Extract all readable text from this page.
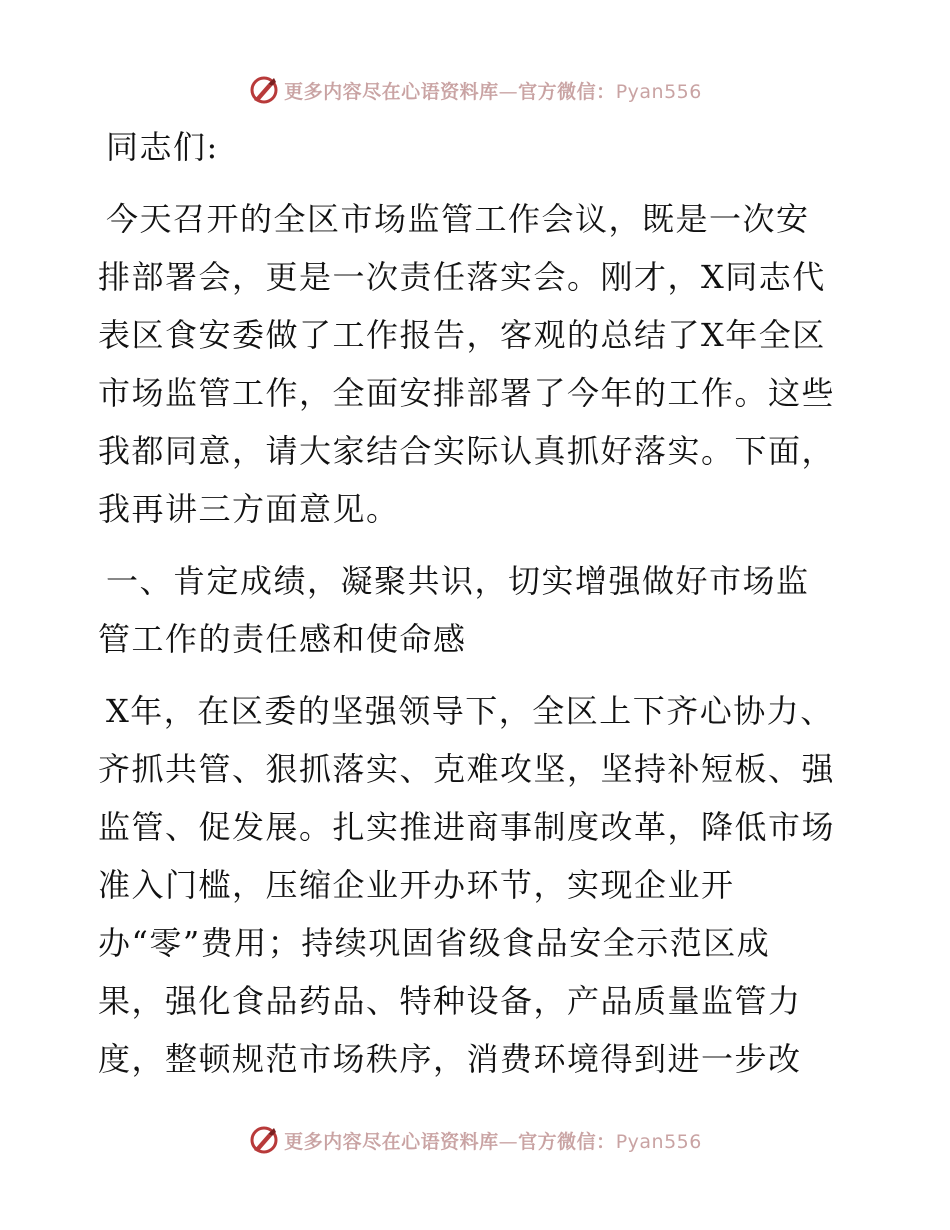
更多内容尽在心语资料库—官方微信：Pyan556
同志们:
今天召开的全区市场监管工作会议，既是一次安
排部署会，更是一次责任落实会。刚才，X同志代
表区食安委做了工作报告，客观的总结了X年全区
市场监管工作，全面安排部署了今年的工作。这些
我都同意，请大家结合实际认真抓好落实。下面，
我再讲三方面意见。
一、肯定成绩，凝聚共识，切实增强做好市场监
管工作的责任感和使命感
X年，在区委的坚强领导下，全区上下齐心协力、
齐抓共管、狠抓落实、克难攻坚，坚持补短板、强
监管、促发展。扎实推进商事制度改革，降低市场
准入门槛，压缩企业开办环节，实现企业开
办“零”费用；持续巩固省级食品安全示范区成
果，强化食品药品、特种设备，产品质量监管力
度，整顿规范市场秩序，消费环境得到进一步改
更多内容尽在心语资料库—官方微信：Pyan556
